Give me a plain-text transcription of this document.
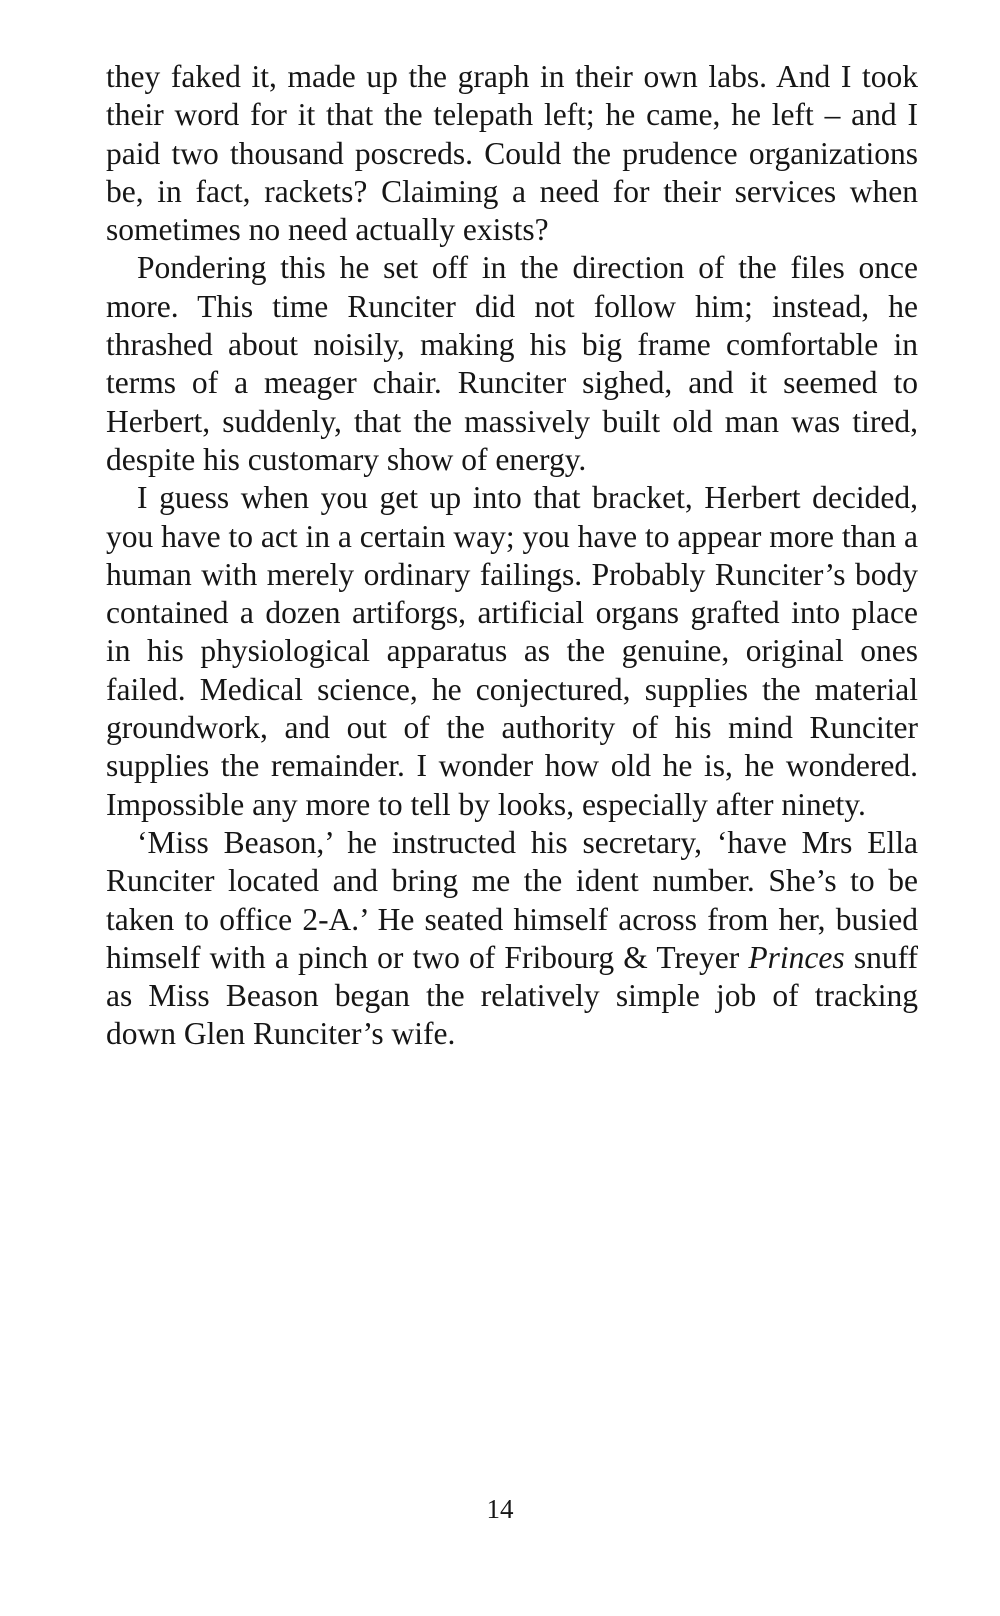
they faked it, made up the graph in their own labs. And I took their word for it that the telepath left; he came, he left – and I paid two thousand poscreds. Could the prudence organizations be, in fact, rackets? Claiming a need for their services when sometimes no need actually exists?

Pondering this he set off in the direction of the files once more. This time Runciter did not follow him; instead, he thrashed about noisily, making his big frame comfortable in terms of a meager chair. Runciter sighed, and it seemed to Herbert, suddenly, that the massively built old man was tired, despite his customary show of energy.

I guess when you get up into that bracket, Herbert decided, you have to act in a certain way; you have to appear more than a human with merely ordinary failings. Probably Runciter’s body contained a dozen artiforgs, artificial organs grafted into place in his physiological apparatus as the genuine, original ones failed. Medical science, he conjectured, supplies the material groundwork, and out of the authority of his mind Runciter supplies the remainder. I wonder how old he is, he wondered. Impossible any more to tell by looks, especially after ninety.

‘Miss Beason,’ he instructed his secretary, ‘have Mrs Ella Runciter located and bring me the ident number. She’s to be taken to office 2-A.’ He seated himself across from her, busied himself with a pinch or two of Fribourg & Treyer Princes snuff as Miss Beason began the relatively simple job of tracking down Glen Runciter’s wife.

14
